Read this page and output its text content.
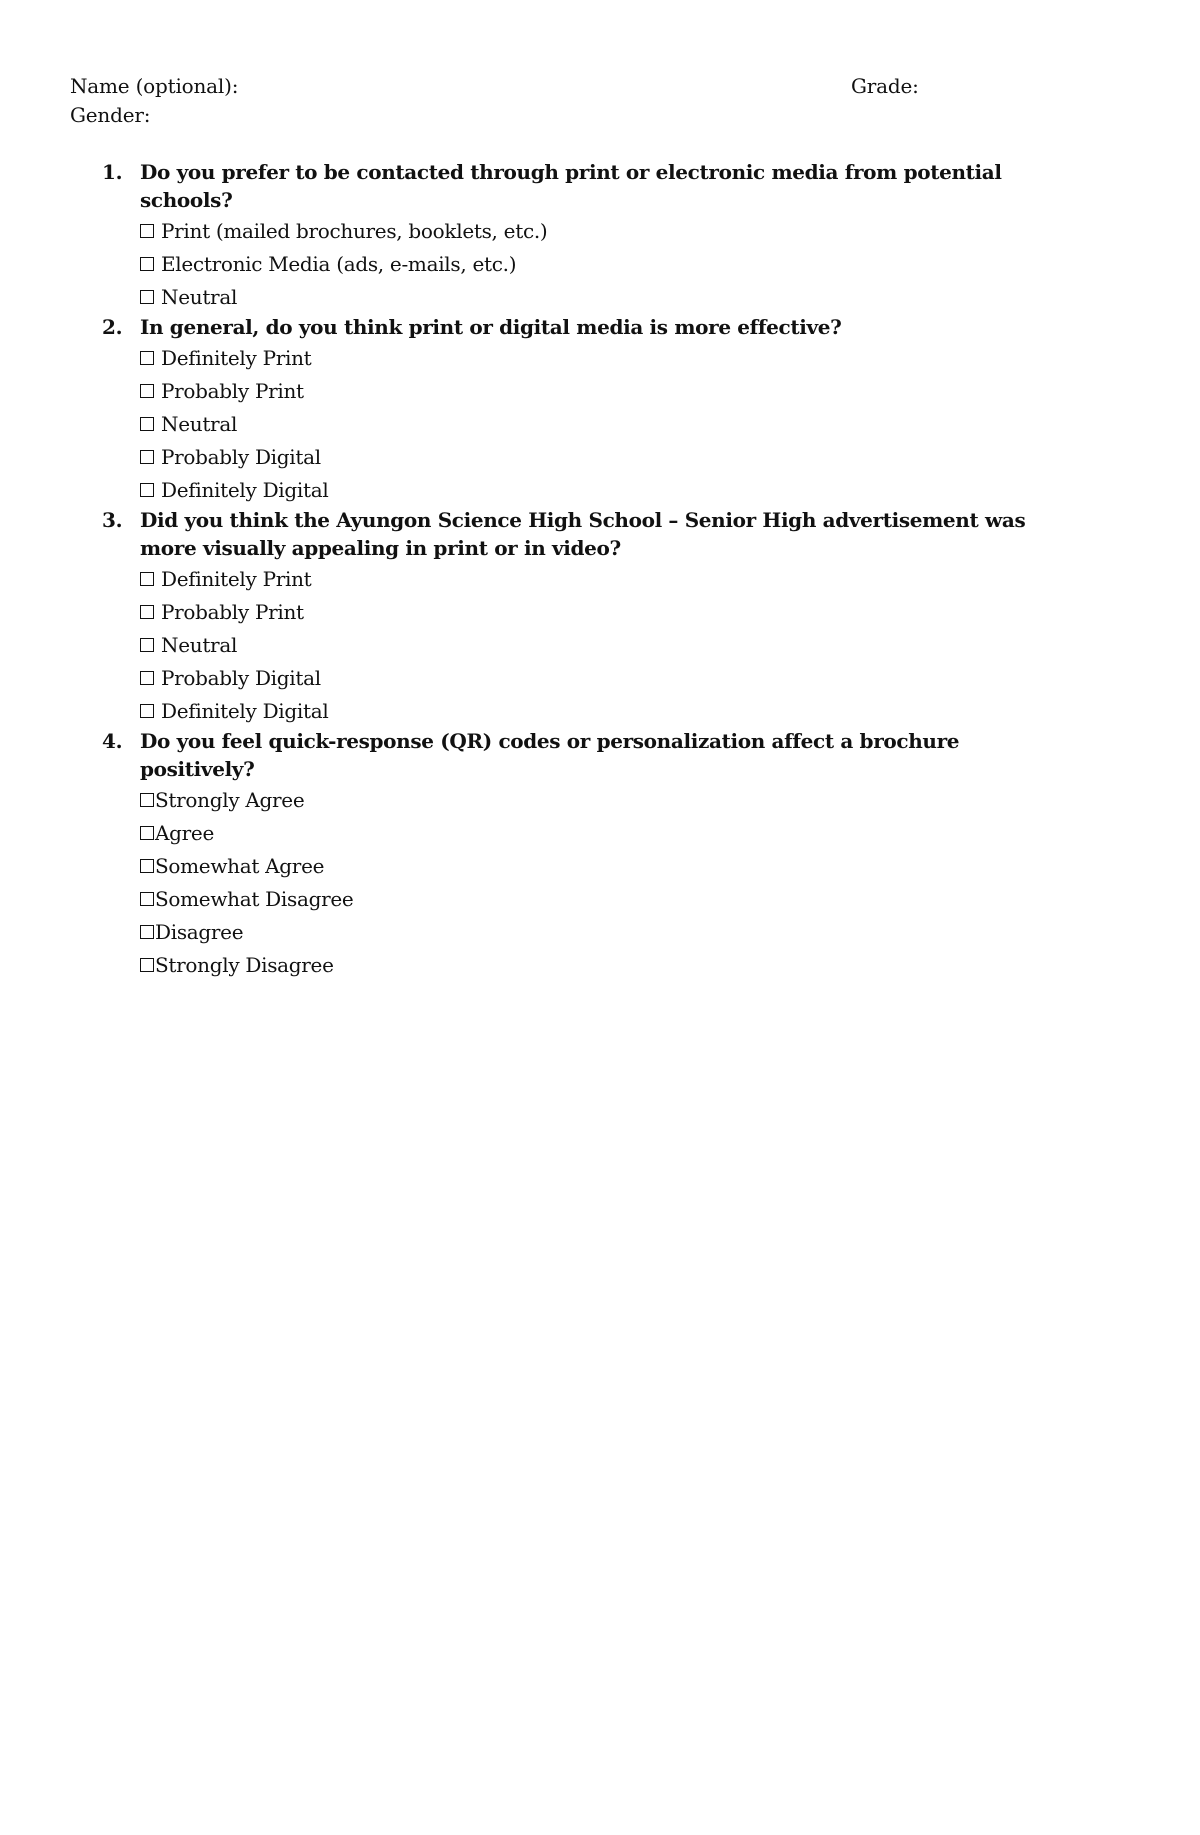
Name (optional):	Grade:
Gender:
1. Do you prefer to be contacted through print or electronic media from potential schools?
Print (mailed brochures, booklets, etc.)
Electronic Media (ads, e-mails, etc.)
Neutral
2. In general, do you think print or digital media is more effective?
Definitely Print
Probably Print
Neutral
Probably Digital
Definitely Digital
3. Did you think the Ayungon Science High School – Senior High advertisement was more visually appealing in print or in video?
Definitely Print
Probably Print
Neutral
Probably Digital
Definitely Digital
4. Do you feel quick-response (QR) codes or personalization affect a brochure positively?
Strongly Agree
Agree
Somewhat Agree
Somewhat Disagree
Disagree
Strongly Disagree
